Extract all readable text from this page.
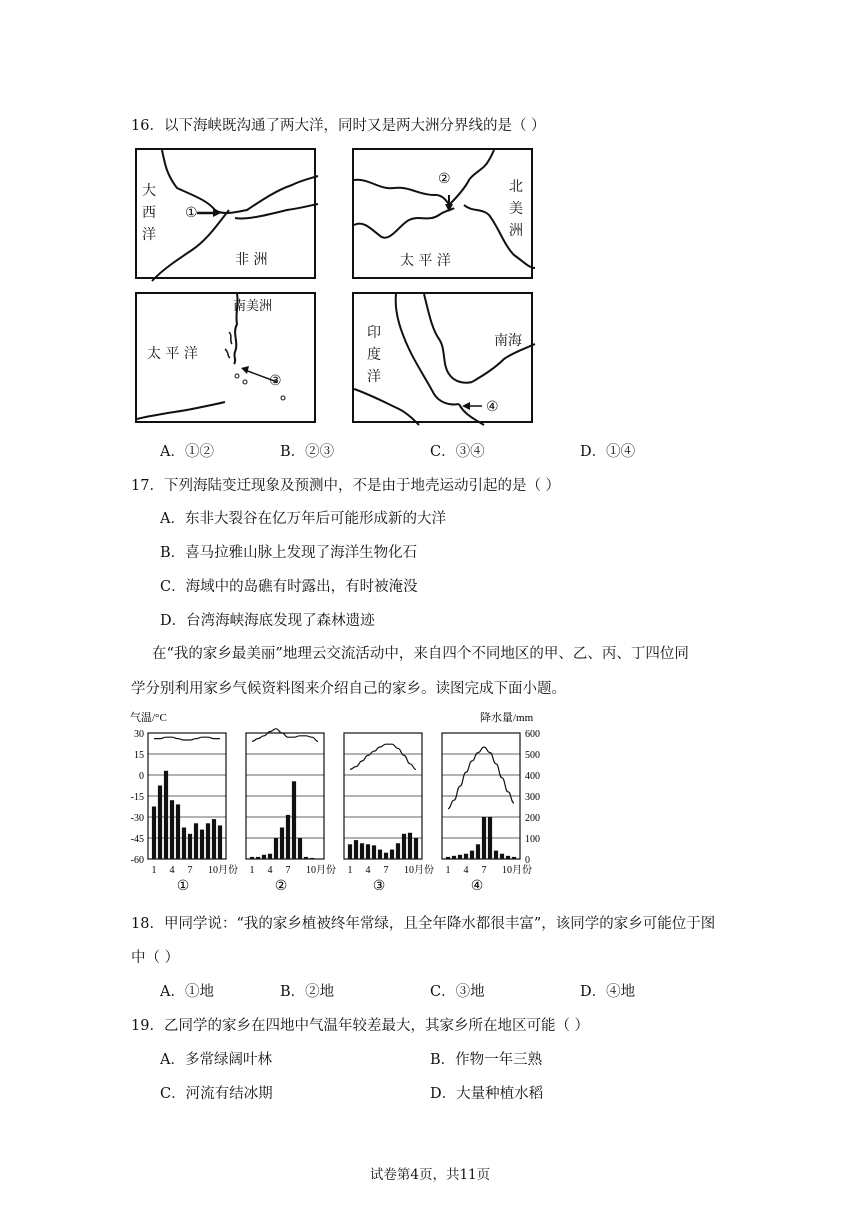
16．以下海峡既沟通了两大洋，同时又是两大洲分界线的是（ ）
大西洋
①
非 洲
②	北美洲
太 平 洋
南美洲
太 平 洋
③
印度洋
南海
④
A．①②	B．②③	C．③④	D．①④
17．下列海陆变迁现象及预测中，不是由于地壳运动引起的是（ ）
A．东非大裂谷在亿万年后可能形成新的大洋
B．喜马拉雅山脉上发现了海洋生物化石
C．海域中的岛礁有时露出，有时被淹没
D．台湾海峡海底发现了森林遗迹
在“我的家乡最美丽”地理云交流活动中，来自四个不同地区的甲、乙、丙、丁四位同
学分别利用家乡气候资料图来介绍自己的家乡。读图完成下面小题。
气温/°C	降水量/mm
30
15
0
-15
-30
-45
-60
600
500
400
300
200
100
0
1 4 7 10月份
①
1 4 7 10月份
②
1 4 7 10月份
③
1 4 7 10月份
④
18．甲同学说：“我的家乡植被终年常绿，且全年降水都很丰富”，该同学的家乡可能位于图
中（ ）
A．①地	B．②地	C．③地	D．④地
19．乙同学的家乡在四地中气温年较差最大，其家乡所在地区可能（ ）
A．多常绿阔叶林	B．作物一年三熟
C．河流有结冰期	D．大量种植水稻
试卷第4页，共11页
